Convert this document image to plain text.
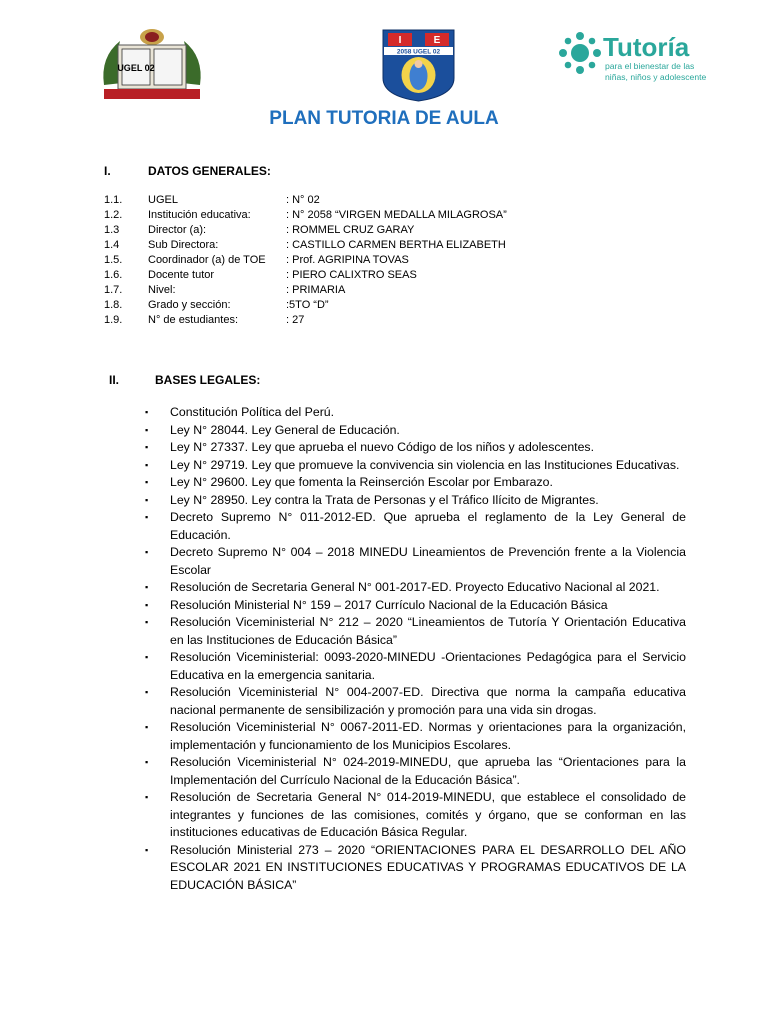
UGEL 02
I	E
2058 UGEL 02	Tutoría
para el bienestar de las
niñas, niños y adolescente
PLAN TUTORIA DE AULA
I.	DATOS GENERALES:
1.1. UGEL	: N° 02
1.2. Institución educativa:	: N° 2058 “VIRGEN MEDALLA MILAGROSA”
1.3	Director (a):	: ROMMEL CRUZ GARAY
1.4	Sub Directora:	: CASTILLO CARMEN BERTHA ELIZABETH
1.5. Coordinador (a) de TOE : Prof. AGRIPINA TOVAS
1.6. Docente tutor	: PIERO CALIXTRO SEAS
1.7. Nivel:	: PRIMARIA
1.8. Grado y sección:	:5TO “D”
1.9. N° de estudiantes:	: 27
II.	BASES LEGALES:
▪ Constitución Política del Perú.
▪ Ley N° 28044. Ley General de Educación.
▪ Ley N° 27337. Ley que aprueba el nuevo Código de los niños y adolescentes.
▪ Ley N° 29719. Ley que promueve la convivencia sin violencia en las Instituciones Educativas.
▪ Ley N° 29600. Ley que fomenta la Reinserción Escolar por Embarazo.
▪ Ley N° 28950. Ley contra la Trata de Personas y el Tráfico Ilícito de Migrantes.
▪ Decreto Supremo N° 011-2012-ED. Que aprueba el reglamento de la Ley General de Educación.
▪ Decreto Supremo N° 004 – 2018 MINEDU Lineamientos de Prevención frente a la Violencia Escolar
▪ Resolución de Secretaria General N° 001-2017-ED. Proyecto Educativo Nacional al 2021.
▪ Resolución Ministerial N° 159 – 2017 Currículo Nacional de la Educación Básica
▪ Resolución Viceministerial N° 212 – 2020 “Lineamientos de Tutoría Y Orientación Educativa en las Instituciones de Educación Básica”
▪ Resolución Viceministerial: 0093-2020-MINEDU -Orientaciones Pedagógica para el Servicio Educativa en la emergencia sanitaria.
▪ Resolución Viceministerial N° 004-2007-ED. Directiva que norma la campaña educativa nacional permanente de sensibilización y promoción para una vida sin drogas.
▪ Resolución Viceministerial N° 0067-2011-ED. Normas y orientaciones para la organización, implementación y funcionamiento de los Municipios Escolares.
▪ Resolución Viceministerial N° 024-2019-MINEDU, que aprueba las “Orientaciones para la Implementación del Currículo Nacional de la Educación Básica”.
▪ Resolución de Secretaria General N° 014-2019-MINEDU, que establece el consolidado de integrantes y funciones de las comisiones, comités y órgano, que se conforman en las instituciones educativas de Educación Básica Regular.
▪ Resolución Ministerial 273 – 2020 “ORIENTACIONES PARA EL DESARROLLO DEL AÑO ESCOLAR 2021 EN INSTITUCIONES EDUCATIVAS Y PROGRAMAS EDUCATIVOS DE LA EDUCACIÓN BÁSICA”
